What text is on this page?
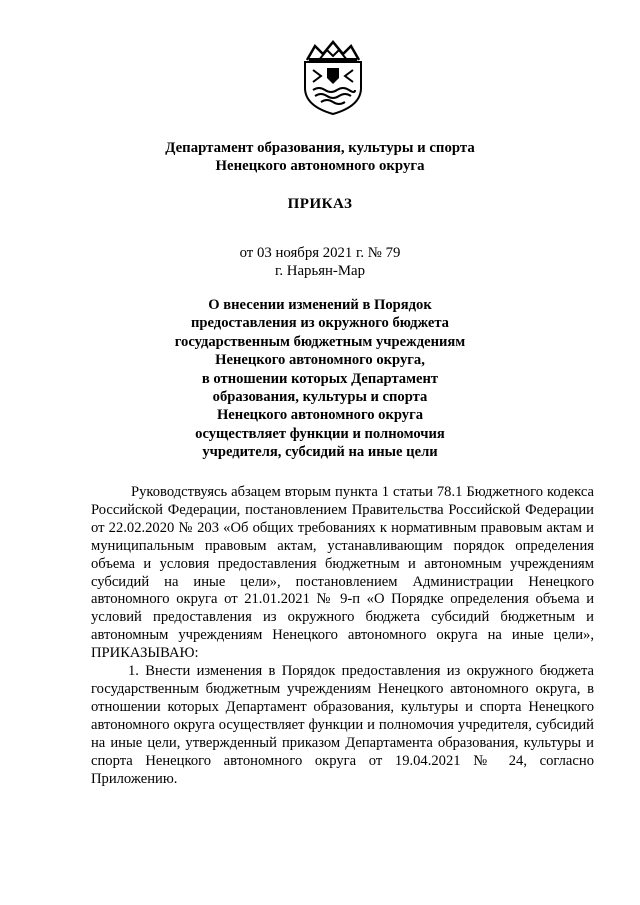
Департамент образования, культуры и спорта
Ненецкого автономного округа
ПРИКАЗ
от 03 ноября 2021 г. № 79
г. Нарьян-Мар
О внесении изменений в Порядок
предоставления из окружного бюджета
государственным бюджетным учреждениям
Ненецкого автономного округа,
в отношении которых Департамент
образования, культуры и спорта
Ненецкого автономного округа
осуществляет функции и полномочия
учредителя, субсидий на иные цели

Руководствуясь абзацем вторым пункта 1 статьи 78.1 Бюджетного кодекса Российской Федерации, постановлением Правительства Российской Федерации от 22.02.2020 № 203 «Об общих требованиях к нормативным правовым актам и муниципальным правовым актам, устанавливающим порядок определения объема и условия предоставления бюджетным и автономным учреждениям субсидий на иные цели», постановлением Администрации Ненецкого автономного округа от 21.01.2021 № 9-п «О Порядке определения объема и условий предоставления из окружного бюджета субсидий бюджетным и автономным учреждениям Ненецкого автономного округа на иные цели», ПРИКАЗЫВАЮ:

1. Внести изменения в Порядок предоставления из окружного бюджета государственным бюджетным учреждениям Ненецкого автономного округа, в отношении которых Департамент образования, культуры и спорта Ненецкого автономного округа осуществляет функции и полномочия учредителя, субсидий на иные цели, утвержденный приказом Департамента образования, культуры и спорта Ненецкого автономного округа от 19.04.2021 № 24, согласно Приложению.
